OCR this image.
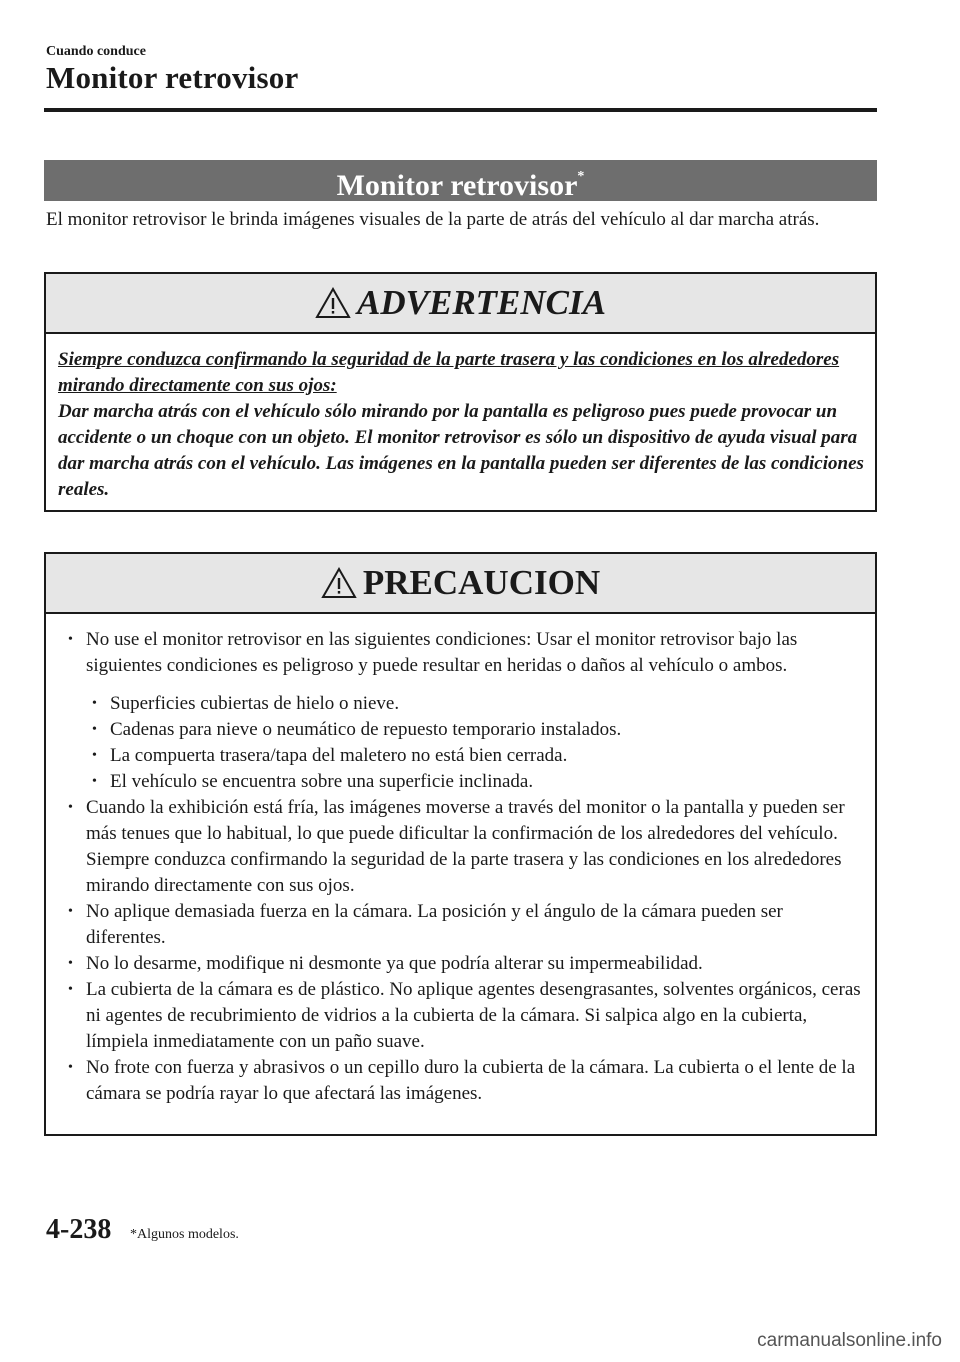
Cuando conduce
Monitor retrovisor
Monitor retrovisor*
El monitor retrovisor le brinda imágenes visuales de la parte de atrás del vehículo al dar marcha atrás.
ADVERTENCIA
Siempre conduzca confirmando la seguridad de la parte trasera y las condiciones en los alrededores mirando directamente con sus ojos:
Dar marcha atrás con el vehículo sólo mirando por la pantalla es peligroso pues puede provocar un accidente o un choque con un objeto. El monitor retrovisor es sólo un dispositivo de ayuda visual para dar marcha atrás con el vehículo. Las imágenes en la pantalla pueden ser diferentes de las condiciones reales.
PRECAUCION
• No use el monitor retrovisor en las siguientes condiciones: Usar el monitor retrovisor bajo las siguientes condiciones es peligroso y puede resultar en heridas o daños al vehículo o ambos.
• Superficies cubiertas de hielo o nieve.
• Cadenas para nieve o neumático de repuesto temporario instalados.
• La compuerta trasera/tapa del maletero no está bien cerrada.
• El vehículo se encuentra sobre una superficie inclinada.
• Cuando la exhibición está fría, las imágenes moverse a través del monitor o la pantalla y pueden ser más tenues que lo habitual, lo que puede dificultar la confirmación de los alrededores del vehículo. Siempre conduzca confirmando la seguridad de la parte trasera y las condiciones en los alrededores mirando directamente con sus ojos.
• No aplique demasiada fuerza en la cámara. La posición y el ángulo de la cámara pueden ser diferentes.
• No lo desarme, modifique ni desmonte ya que podría alterar su impermeabilidad.
• La cubierta de la cámara es de plástico. No aplique agentes desengrasantes, solventes orgánicos, ceras ni agentes de recubrimiento de vidrios a la cubierta de la cámara. Si salpica algo en la cubierta, límpiela inmediatamente con un paño suave.
• No frote con fuerza y abrasivos o un cepillo duro la cubierta de la cámara. La cubierta o el lente de la cámara se podría rayar lo que afectará las imágenes.
4-238 *Algunos modelos.
carmanualsonline.info
